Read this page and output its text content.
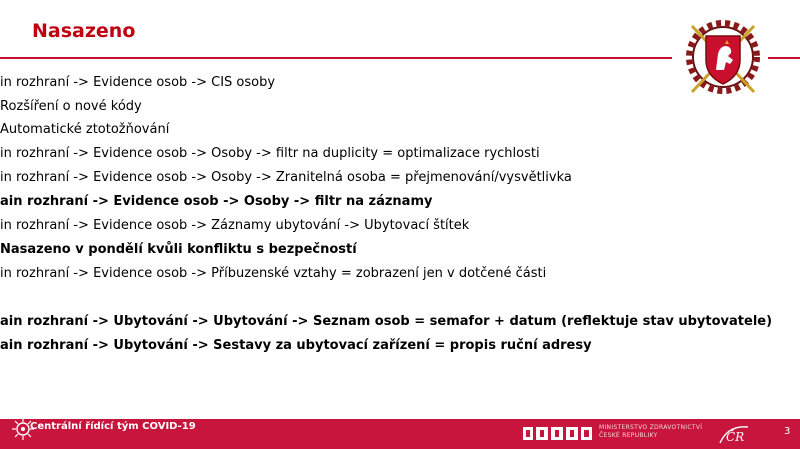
Nasazeno
in rozhraní -> Evidence osob -> CIS osoby
Rozšíření o nové kódy
Automatické ztotožňování
in rozhraní -> Evidence osob -> Osoby -> filtr na duplicity = optimalizace rychlosti
in rozhraní -> Evidence osob -> Osoby -> Zranitelná osoba = přejmenování/vysvětlivka
ain rozhraní -> Evidence osob -> Osoby -> filtr na záznamy
in rozhraní -> Evidence osob -> Záznamy ubytování -> Ubytovací štítek
Nasazeno v pondělí kvůli konfliktu s bezpečností
in rozhraní -> Evidence osob -> Příbuzenské vztahy = zobrazení jen v dotčené části
ain rozhraní -> Ubytování -> Ubytování -> Seznam osob = semafor + datum (reflektuje stav ubytovatele)
ain rozhraní -> Ubytování -> Sestavy za ubytovací zařízení = propis ruční adresy
Centrální řídící tým COVID-19	MINISTERSTVO ZDRAVOTNICTVÍ
ČESKÉ REPUBLIKY	ČR	3
